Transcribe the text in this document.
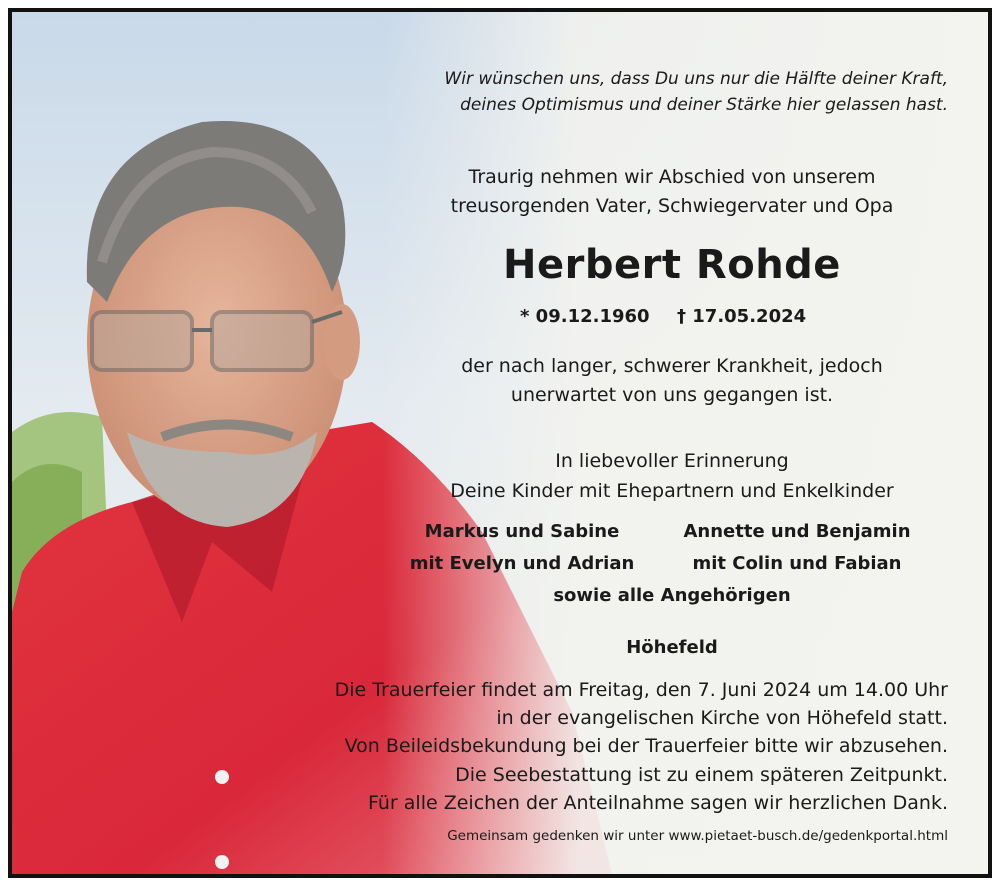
Wir wünschen uns, dass Du uns nur die Hälfte deiner Kraft,
deines Optimismus und deiner Stärke hier gelassen hast.
Traurig nehmen wir Abschied von unserem
treusorgenden Vater, Schwiegervater und Opa
Herbert Rohde
* 09.12.1960 † 17.05.2024
der nach langer, schwerer Krankheit, jedoch
unerwartet von uns gegangen ist.
In liebevoller Erinnerung
Deine Kinder mit Ehepartnern und Enkelkinder
Markus und Sabine
mit Evelyn und Adrian
Annette und Benjamin
mit Colin und Fabian
sowie alle Angehörigen
Höhefeld
Die Trauerfeier findet am Freitag, den 7. Juni 2024 um 14.00 Uhr
in der evangelischen Kirche von Höhefeld statt.
Von Beileidsbekundung bei der Trauerfeier bitte wir abzusehen.
Die Seebestattung ist zu einem späteren Zeitpunkt.
Für alle Zeichen der Anteilnahme sagen wir herzlichen Dank.
Gemeinsam gedenken wir unter www.pietaet-busch.de/gedenkportal.html
